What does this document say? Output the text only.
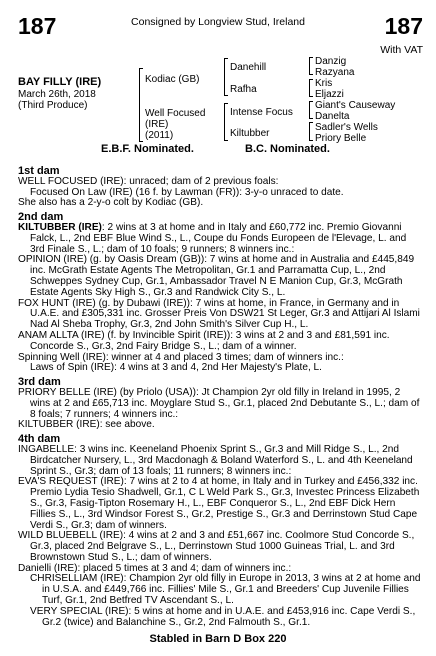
187	Consigned by Longview Stud, Ireland	187
With VAT
BAY FILLY (IRE)
March 26th, 2018
(Third Produce)
Kodiac (GB)
Well Focused
(IRE)
(2011)
Danehill
Rafha
Intense Focus
Kiltubber
Danzig
Razyana
Kris
Eljazzi
Giant's Causeway
Danelta
Sadler's Wells
Priory Belle
E.B.F. Nominated.	B.C. Nominated.

1st dam

WELL FOCUSED (IRE): unraced; dam of 2 previous foals:

Focused On Law (IRE) (16 f. by Lawman (FR)): 3-y-o unraced to date.

She also has a 2-y-o colt by Kodiac (GB).

2nd dam

KILTUBBER (IRE): 2 wins at 3 at home and in Italy and £60,772 inc. Premio Giovanni Falck, L., 2nd EBF Blue Wind S., L., Coupe du Fonds Europeen de l'Elevage, L. and 3rd Finale S., L.; dam of 10 foals; 9 runners; 8 winners inc.:

OPINION (IRE) (g. by Oasis Dream (GB)): 7 wins at home and in Australia and £445,849 inc. McGrath Estate Agents The Metropolitan, Gr.1 and Parramatta Cup, L., 2nd Schweppes Sydney Cup, Gr.1, Ambassador Travel N E Manion Cup, Gr.3, McGrath Estate Agents Sky High S., Gr.3 and Randwick City S., L.

FOX HUNT (IRE) (g. by Dubawi (IRE)): 7 wins at home, in France, in Germany and in U.A.E. and £305,331 inc. Grosser Preis Von DSW21 St Leger, Gr.3 and Attijari Al Islami Nad Al Sheba Trophy, Gr.3, 2nd John Smith's Silver Cup H., L.

ANAM ALLTA (IRE) (f. by Invincible Spirit (IRE)): 3 wins at 2 and 3 and £81,591 inc. Concorde S., Gr.3, 2nd Fairy Bridge S., L.; dam of a winner.

Spinning Well (IRE): winner at 4 and placed 3 times; dam of winners inc.:

Laws of Spin (IRE): 4 wins at 3 and 4, 2nd Her Majesty's Plate, L.

3rd dam

PRIORY BELLE (IRE) (by Priolo (USA)): Jt Champion 2yr old filly in Ireland in 1995, 2 wins at 2 and £65,713 inc. Moyglare Stud S., Gr.1, placed 2nd Debutante S., L.; dam of 8 foals; 7 runners; 4 winners inc.:

KILTUBBER (IRE): see above.

4th dam

INGABELLE: 3 wins inc. Keeneland Phoenix Sprint S., Gr.3 and Mill Ridge S., L., 2nd Birdcatcher Nursery, L., 3rd Macdonagh & Boland Waterford S., L. and 4th Keeneland Sprint S., Gr.3; dam of 13 foals; 11 runners; 8 winners inc.:

EVA'S REQUEST (IRE): 7 wins at 2 to 4 at home, in Italy and in Turkey and £456,332 inc. Premio Lydia Tesio Shadwell, Gr.1, C L Weld Park S., Gr.3, Investec Princess Elizabeth S., Gr.3, Fasig-Tipton Rosemary H., L., EBF Conqueror S., L., 2nd EBF Dick Hern Fillies S., L., 3rd Windsor Forest S., Gr.2, Prestige S., Gr.3 and Derrinstown Stud Cape Verdi S., Gr.3; dam of winners.

WILD BLUEBELL (IRE): 4 wins at 2 and 3 and £51,667 inc. Coolmore Stud Concorde S., Gr.3, placed 2nd Belgrave S., L., Derrinstown Stud 1000 Guineas Trial, L. and 3rd Brownstown Stud S., L.; dam of winners.

Danielli (IRE): placed 5 times at 3 and 4; dam of winners inc.:

CHRISELLIAM (IRE): Champion 2yr old filly in Europe in 2013, 3 wins at 2 at home and in U.S.A. and £449,766 inc. Fillies' Mile S., Gr.1 and Breeders' Cup Juvenile Fillies Turf, Gr.1, 2nd Betfred TV Ascendant S., L.

VERY SPECIAL (IRE): 5 wins at home and in U.A.E. and £453,916 inc. Cape Verdi S., Gr.2 (twice) and Balanchine S., Gr.2, 2nd Falmouth S., Gr.1.

Stabled in Barn D Box 220
